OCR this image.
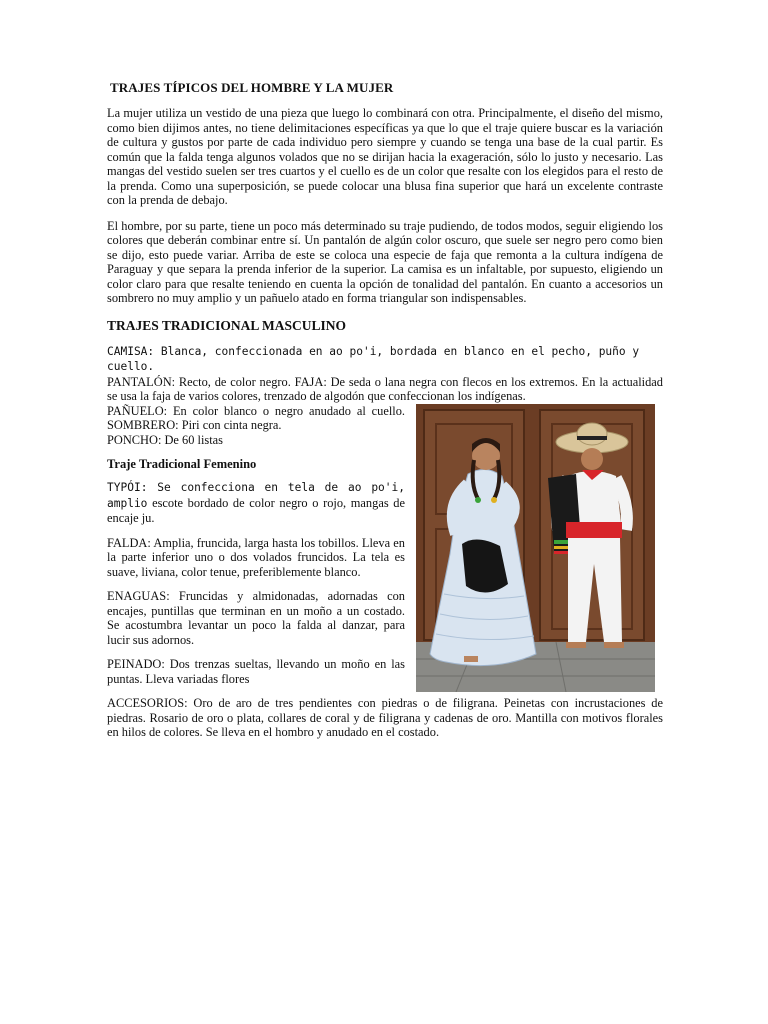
TRAJES TÍPICOS DEL HOMBRE Y LA MUJER

La mujer utiliza un vestido de una pieza que luego lo combinará con otra. Principalmente, el diseño del mismo, como bien dijimos antes, no tiene delimitaciones específicas ya que lo que el traje quiere buscar es la variación de cultura y gustos por parte de cada individuo pero siempre y cuando se tenga una base de la cual partir. Es común que la falda tenga algunos volados que no se dirijan hacia la exageración, sólo lo justo y necesario. Las mangas del vestido suelen ser tres cuartos y el cuello es de un color que resalte con los elegidos para el resto de la prenda. Como una superposición, se puede colocar una blusa fina superior que hará un excelente contraste con la prenda de debajo.

El hombre, por su parte, tiene un poco más determinado su traje pudiendo, de todos modos, seguir eligiendo los colores que deberán combinar entre sí. Un pantalón de algún color oscuro, que suele ser negro pero como bien se dijo, esto puede variar. Arriba de este se coloca una especie de faja que remonta a la cultura indígena de Paraguay y que separa la prenda inferior de la superior. La camisa es un infaltable, por supuesto, eligiendo un color claro para que resalte teniendo en cuenta la opción de tonalidad del pantalón. En cuanto a accesorios un sombrero no muy amplio y un pañuelo atado en forma triangular son indispensables.

TRAJES TRADICIONAL MASCULINO

CAMISA: Blanca, confeccionada en ao po'i, bordada en blanco en el pecho, puño y cuello.

PANTALÓN: Recto, de color negro. FAJA: De seda o lana negra con flecos en los extremos. En la actualidad se usa la faja de varios colores, trenzado de algodón que confeccionan los indígenas.

PAÑUELO: En color blanco o negro anudado al cuello. SOMBRERO: Piri con cinta negra.

PONCHO: De 60 listas

Traje Tradicional Femenino

TYPÓI: Se confecciona en tela de ao po'i, amplio escote bordado de color negro o rojo, mangas de encaje ju.

FALDA: Amplia, fruncida, larga hasta los tobillos. Lleva en la parte inferior uno o dos volados fruncidos. La tela es suave, liviana, color tenue, preferiblemente blanco.

ENAGUAS: Fruncidas y almidonadas, adornadas con encajes, puntillas que terminan en un moño a un costado. Se acostumbra levantar un poco la falda al danzar, para lucir sus adornos.

PEINADO: Dos trenzas sueltas, llevando un moño en las puntas. Lleva variadas flores

ACCESORIOS: Oro de aro de tres pendientes con piedras o de filigrana. Peinetas con incrustaciones de piedras. Rosario de oro o plata, collares de coral y de filigrana y cadenas de oro. Mantilla con motivos florales en hilos de colores. Se lleva en el hombro y anudado en el costado.
